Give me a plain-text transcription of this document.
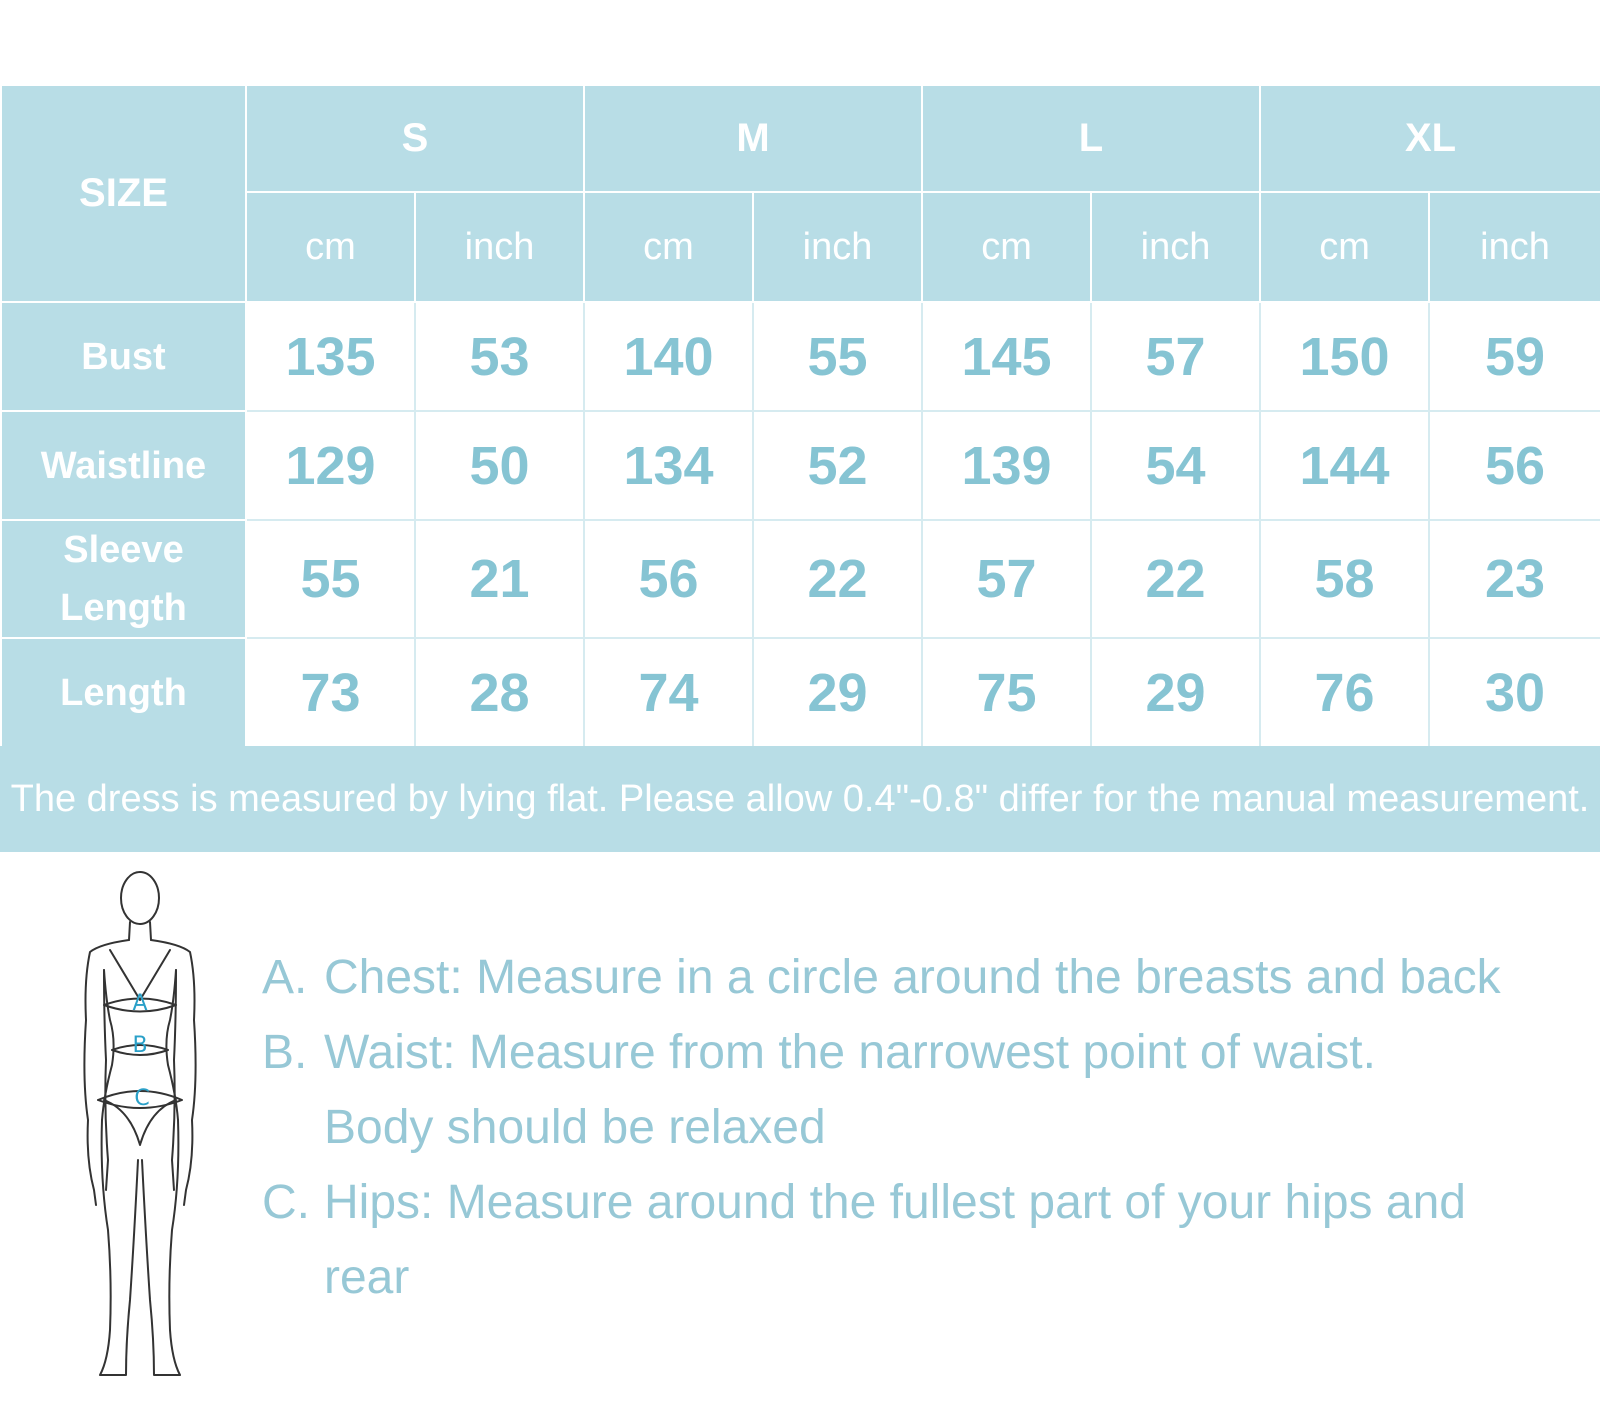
SIZE	S		M		L		XL	
	cm	inch	cm	inch	cm	inch	cm	inch
Bust	135	53	140	55	145	57	150	59
Waistline	129	50	134	52	139	54	144	56
Sleeve Length	55	21	56	22	57	22	58	23
Length	73	28	74	29	75	29	76	30
The dress is measured by lying flat. Please allow 0.4"-0.8" differ for the manual measurement.
A
B
C
A. Chest: Measure in a circle around the breasts and back
B. Waist: Measure from the narrowest point of waist. Body should be relaxed
C. Hips: Measure around the fullest part of your hips and rear
